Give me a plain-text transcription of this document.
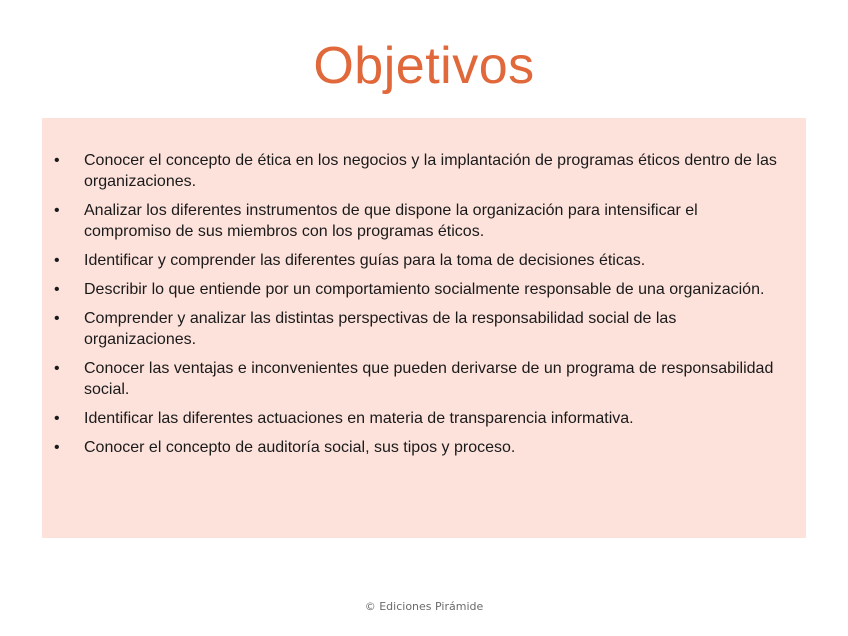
Objetivos
•	Conocer el concepto de ética en los negocios y la implantación de programas éticos dentro de las organizaciones.
•	Analizar los diferentes instrumentos de que dispone la organización para intensificar el compromiso de sus miembros con los programas éticos.
•	Identificar y comprender las diferentes guías para la toma de decisiones éticas.
•	Describir lo que entiende por un comportamiento socialmente responsable de una organización.
•	Comprender y analizar las distintas perspectivas de la responsabilidad social de las organizaciones.
•	Conocer las ventajas e inconvenientes que pueden derivarse de un programa de responsabilidad social.
•	Identificar las diferentes actuaciones en materia de transparencia informativa.
•	Conocer el concepto de auditoría social, sus tipos y proceso.
© Ediciones Pirámide
